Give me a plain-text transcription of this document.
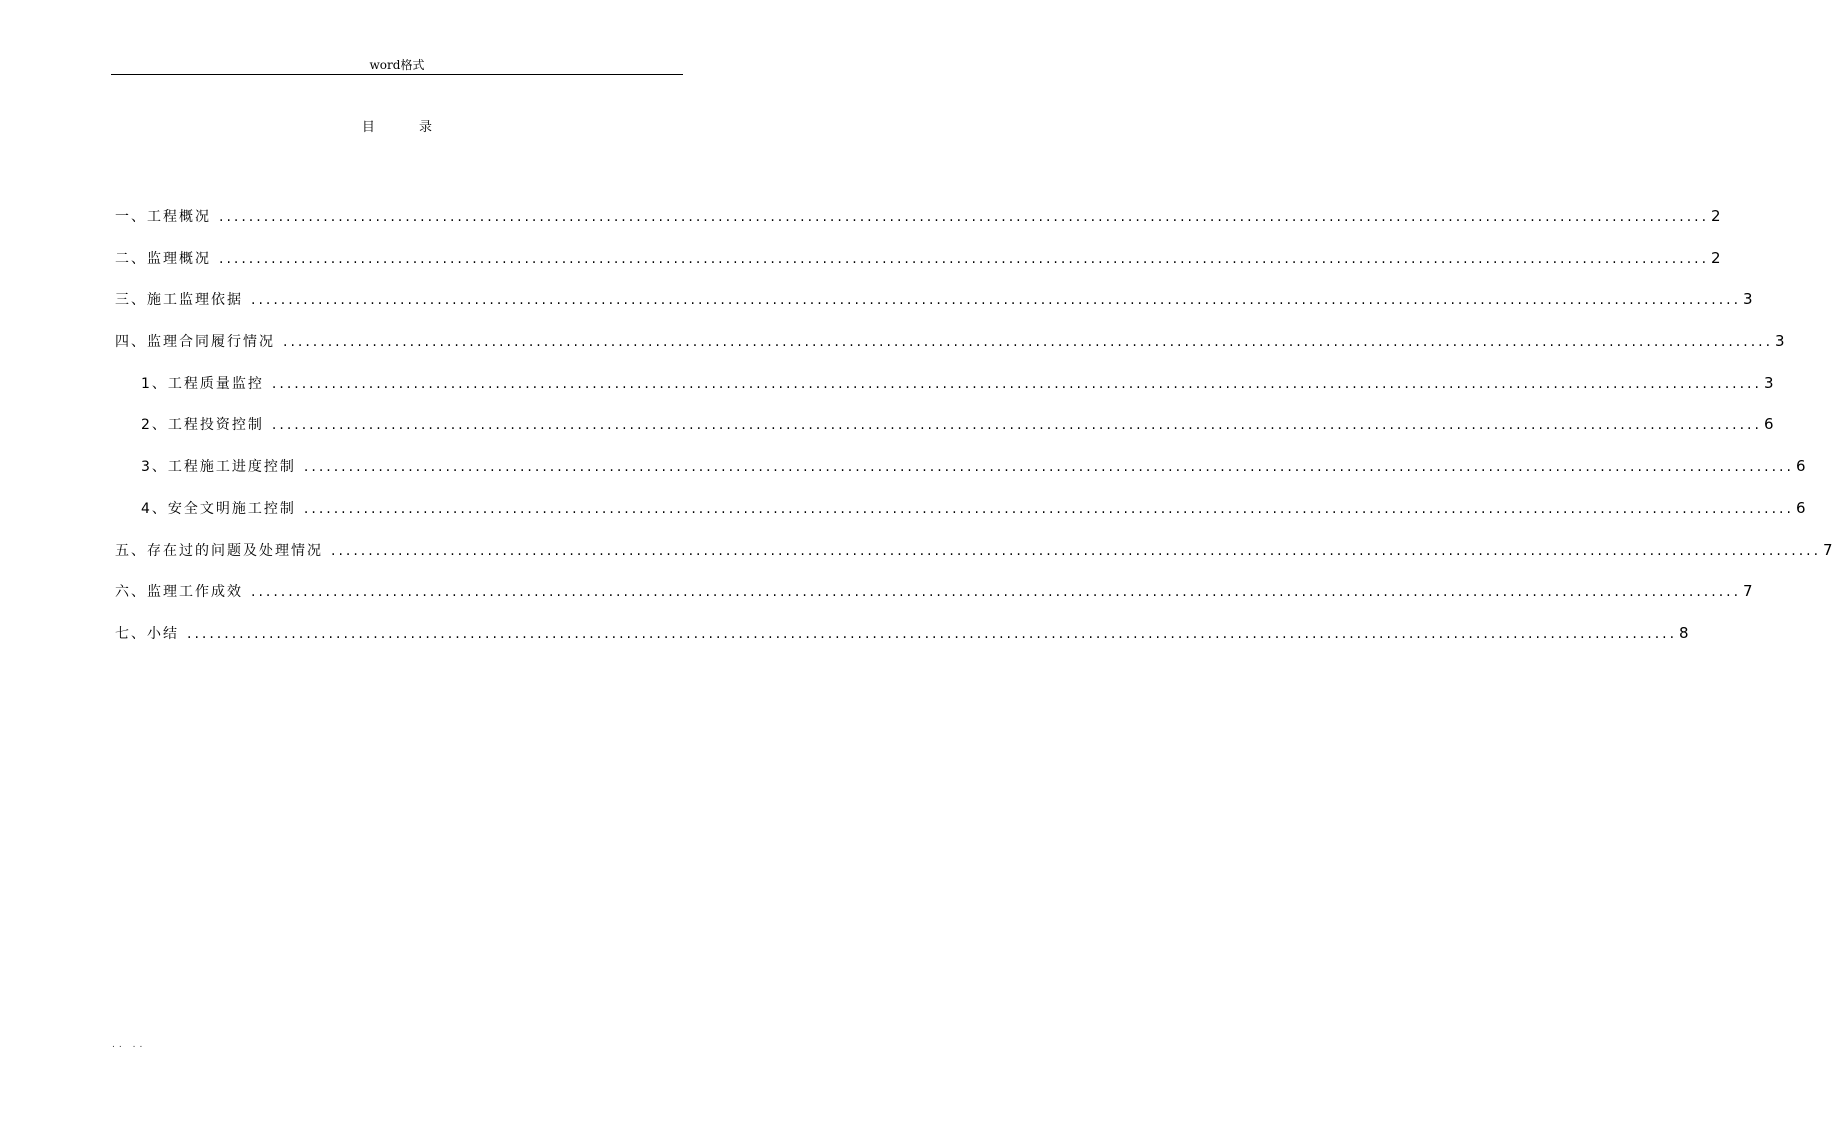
word格式
目 录
一、工程概况 ........................................................................................................................................................................................................ 2
二、监理概况 ........................................................................................................................................................................................................ 2
三、施工监理依据 ........................................................................................................................................................................................................ 3
四、监理合同履行情况 ........................................................................................................................................................................................................ 3
1、工程质量监控 ........................................................................................................................................................................................................ 3
2、工程投资控制 ........................................................................................................................................................................................................ 6
3、工程施工进度控制 ........................................................................................................................................................................................................ 6
4、安全文明施工控制 ........................................................................................................................................................................................................ 6
五、存在过的问题及处理情况 ........................................................................................................................................................................................................ 7
六、监理工作成效 ........................................................................................................................................................................................................ 7
七、小结 ........................................................................................................................................................................................................ 8
.. ..
